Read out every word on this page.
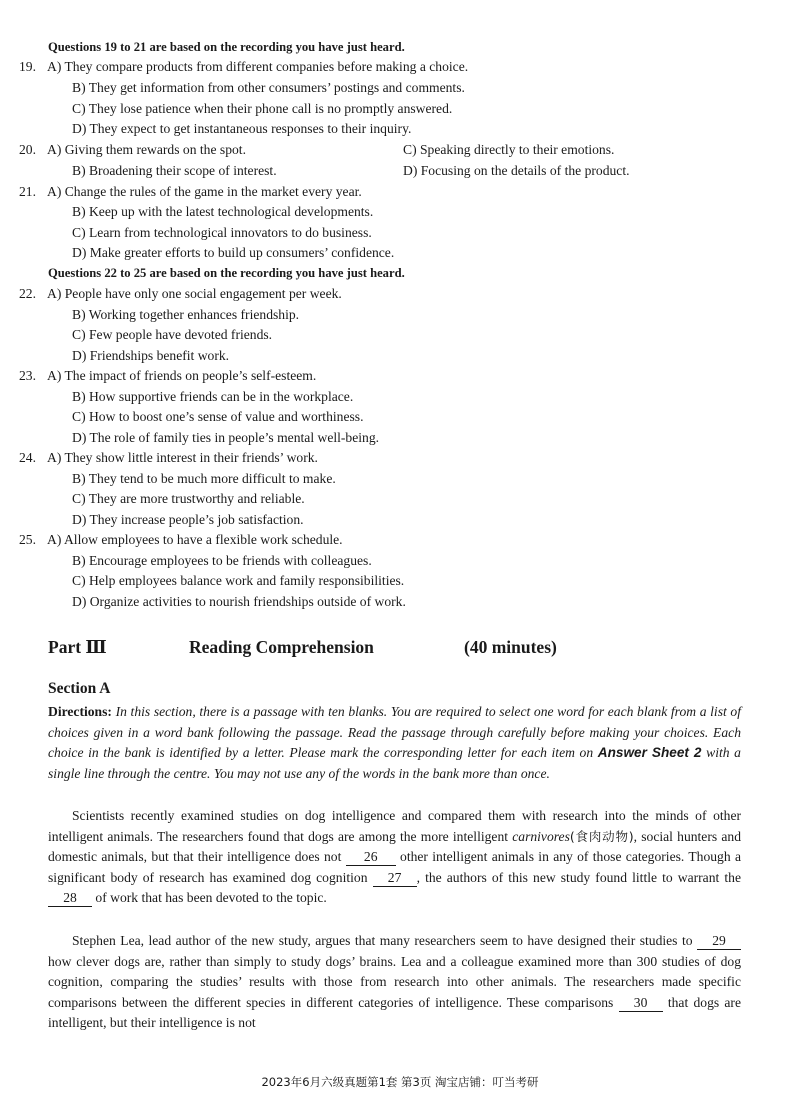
Questions 19 to 21 are based on the recording you have just heard.
19. A) They compare products from different companies before making a choice.
B) They get information from other consumers’ postings and comments.
C) They lose patience when their phone call is no promptly answered.
D) They expect to get instantaneous responses to their inquiry.
20. A) Giving them rewards on the spot.	C) Speaking directly to their emotions.
B) Broadening their scope of interest.	D) Focusing on the details of the product.
21. A) Change the rules of the game in the market every year.
B) Keep up with the latest technological developments.
C) Learn from technological innovators to do business.
D) Make greater efforts to build up consumers’ confidence.
Questions 22 to 25 are based on the recording you have just heard.
22. A) People have only one social engagement per week.
B) Working together enhances friendship.
C) Few people have devoted friends.
D) Friendships benefit work.
23. A) The impact of friends on people’s self-esteem.
B) How supportive friends can be in the workplace.
C) How to boost one’s sense of value and worthiness.
D) The role of family ties in people’s mental well-being.
24. A) They show little interest in their friends’ work.
B) They tend to be much more difficult to make.
C) They are more trustworthy and reliable.
D) They increase people’s job satisfaction.
25. A) Allow employees to have a flexible work schedule.
B) Encourage employees to be friends with colleagues.
C) Help employees balance work and family responsibilities.
D) Organize activities to nourish friendships outside of work.
Part Ⅲ	Reading Comprehension	(40 minutes)
Section A
Directions: In this section, there is a passage with ten blanks. You are required to select one word for each blank from a list of choices given in a word bank following the passage. Read the passage through carefully before making your choices. Each choice in the bank is identified by a letter. Please mark the corresponding letter for each item on Answer Sheet 2 with a single line through the centre. You may not use any of the words in the bank more than once.
Scientists recently examined studies on dog intelligence and compared them with research into the minds of other intelligent animals. The researchers found that dogs are among the more intelligent carnivores(食肉动物), social hunters and domestic animals, but that their intelligence does not 26 other intelligent animals in any of those categories. Though a significant body of research has examined dog cognition 27 , the authors of this new study found little to warrant the 28 of work that has been devoted to the topic.
Stephen Lea, lead author of the new study, argues that many researchers seem to have designed their studies to 29 how clever dogs are, rather than simply to study dogs’ brains. Lea and a colleague examined more than 300 studies of dog cognition, comparing the studies’ results with those from research into other animals. The researchers made specific comparisons between the different species in different categories of intelligence. These comparisons 30 that dogs are intelligent, but their intelligence is not
2023年6月六级真题第1套 第3页 淘宝店铺：叮当考研
